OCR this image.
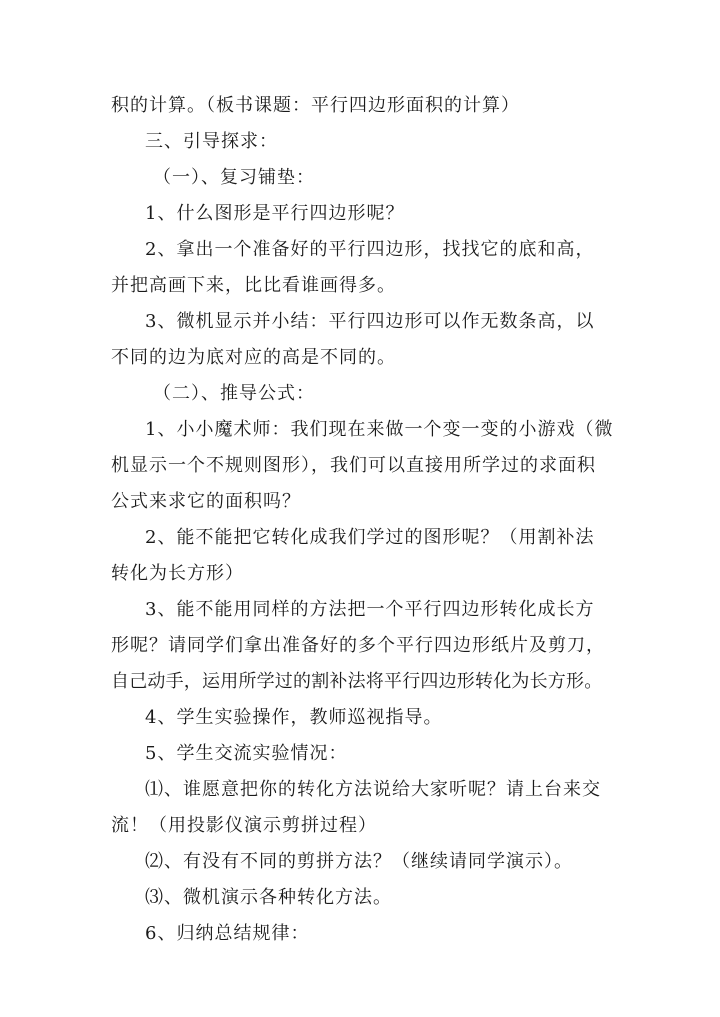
积的计算。（板书课题：平行四边形面积的计算）
三、引导探求：
（一）、复习铺垫：
1、什么图形是平行四边形呢？
2、拿出一个准备好的平行四边形，找找它的底和高，
并把高画下来，比比看谁画得多。
3、微机显示并小结：平行四边形可以作无数条高，以
不同的边为底对应的高是不同的。
（二）、推导公式：
1、小小魔术师：我们现在来做一个变一变的小游戏（微
机显示一个不规则图形），我们可以直接用所学过的求面积
公式来求它的面积吗？
2、能不能把它转化成我们学过的图形呢？（用割补法
转化为长方形）
3、能不能用同样的方法把一个平行四边形转化成长方
形呢？请同学们拿出准备好的多个平行四边形纸片及剪刀，
自己动手，运用所学过的割补法将平行四边形转化为长方形。
4、学生实验操作，教师巡视指导。
5、学生交流实验情况：
⑴、谁愿意把你的转化方法说给大家听呢？请上台来交
流！（用投影仪演示剪拼过程）
⑵、有没有不同的剪拼方法？（继续请同学演示）。
⑶、微机演示各种转化方法。
6、归纳总结规律：
